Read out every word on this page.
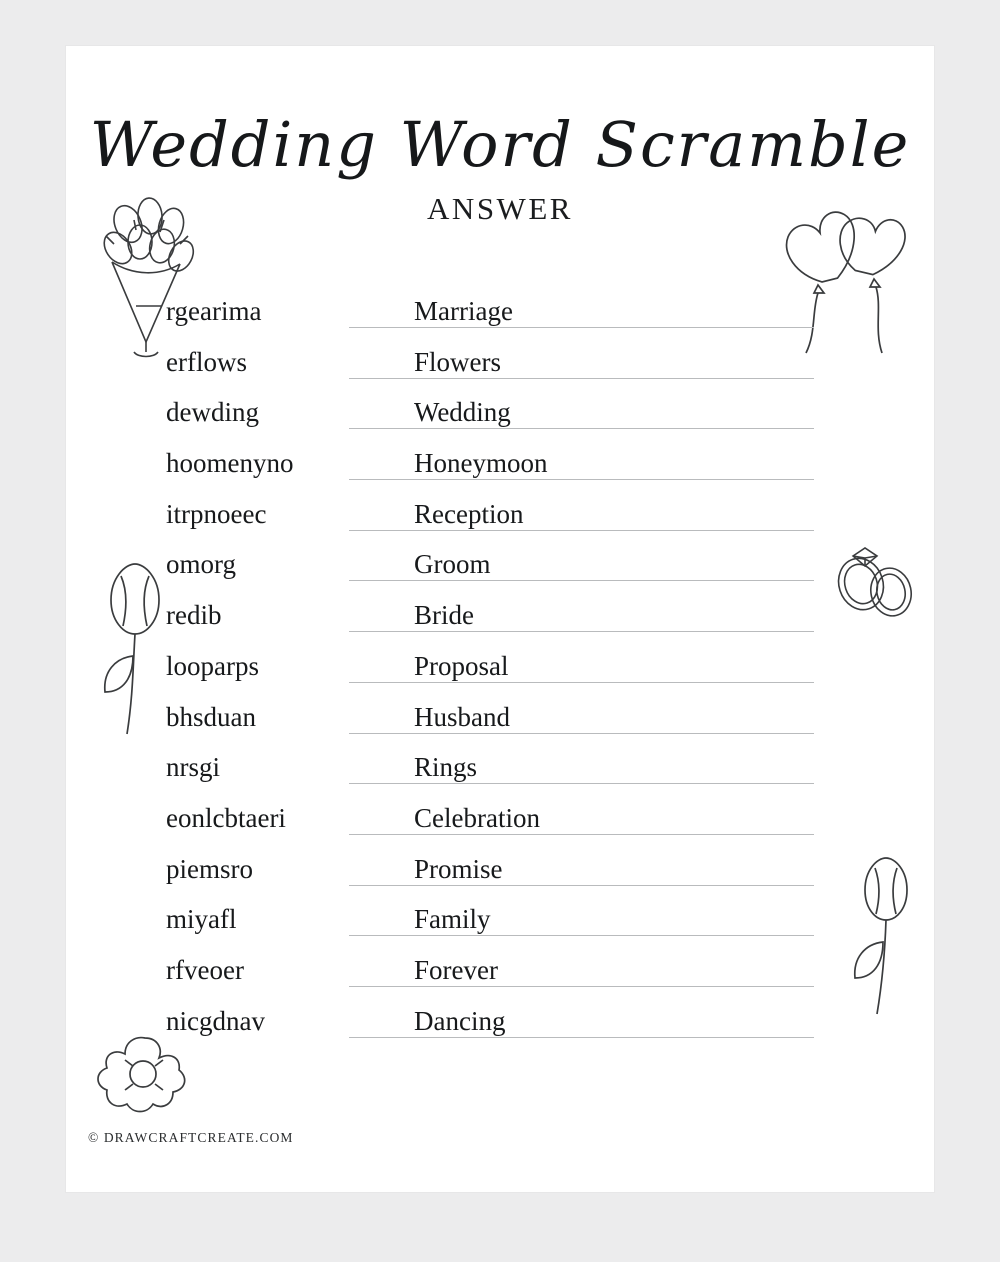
Wedding Word Scramble
ANSWER
rgearima	Marriage
erflows	Flowers
dewding	Wedding
hoomenyno	Honeymoon
itrpnoeec	Reception
omorg	Groom
redib	Bride
looparps	Proposal
bhsduan	Husband
nrsgi	Rings
eonlcbtaeri	Celebration
piemsro	Promise
miyafl	Family
rfveoer	Forever
nicgdnav	Dancing
© DRAWCRAFTCREATE.COM
